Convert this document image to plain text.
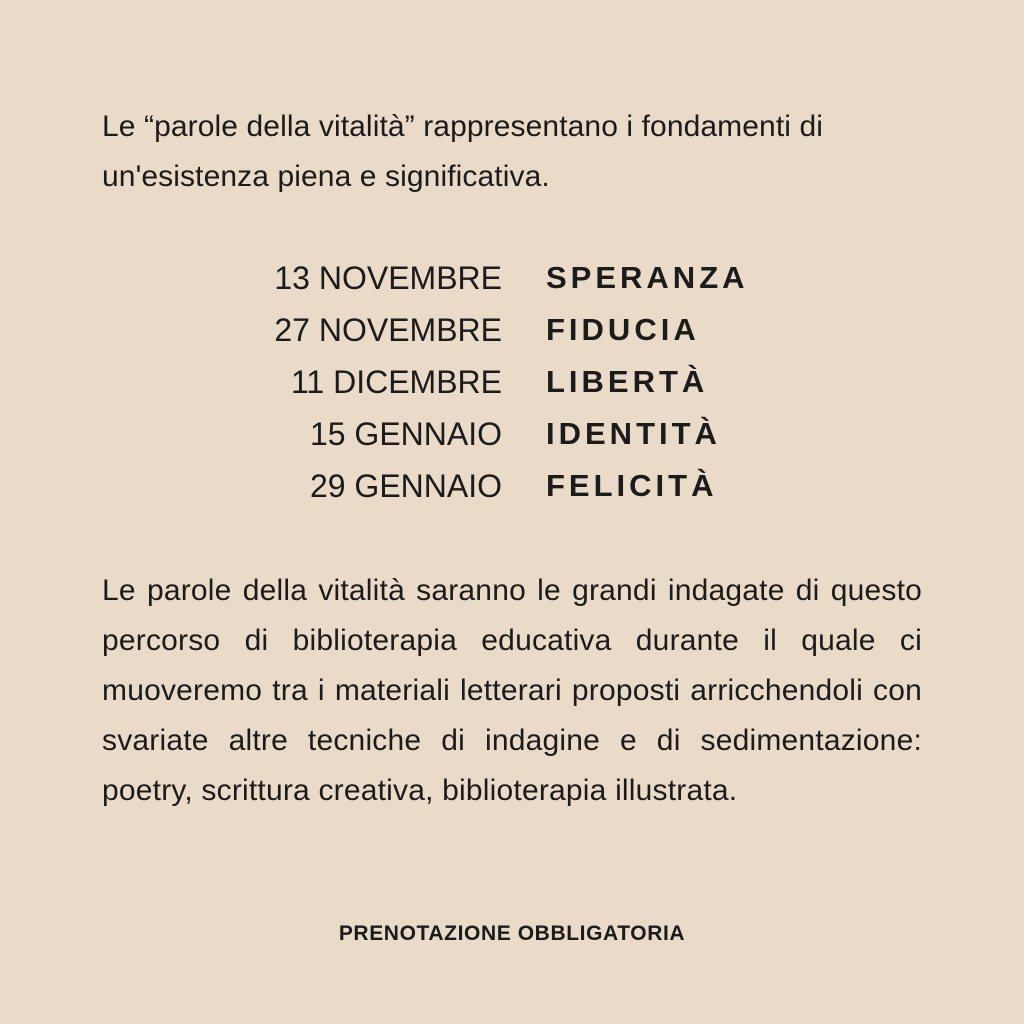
Le “parole della vitalità” rappresentano i fondamenti di un'esistenza piena e significativa.

13 NOVEMBRE SPERANZA
27 NOVEMBRE FIDUCIA
11 DICEMBRE LIBERTÀ
15 GENNAIO IDENTITÀ
29 GENNAIO FELICITÀ

Le parole della vitalità saranno le grandi indagate di questo percorso di biblioterapia educativa durante il quale ci muoveremo tra i materiali letterari proposti arricchendoli con svariate altre tecniche di indagine e di sedimentazione: poetry, scrittura creativa, biblioterapia illustrata.

PRENOTAZIONE OBBLIGATORIA
